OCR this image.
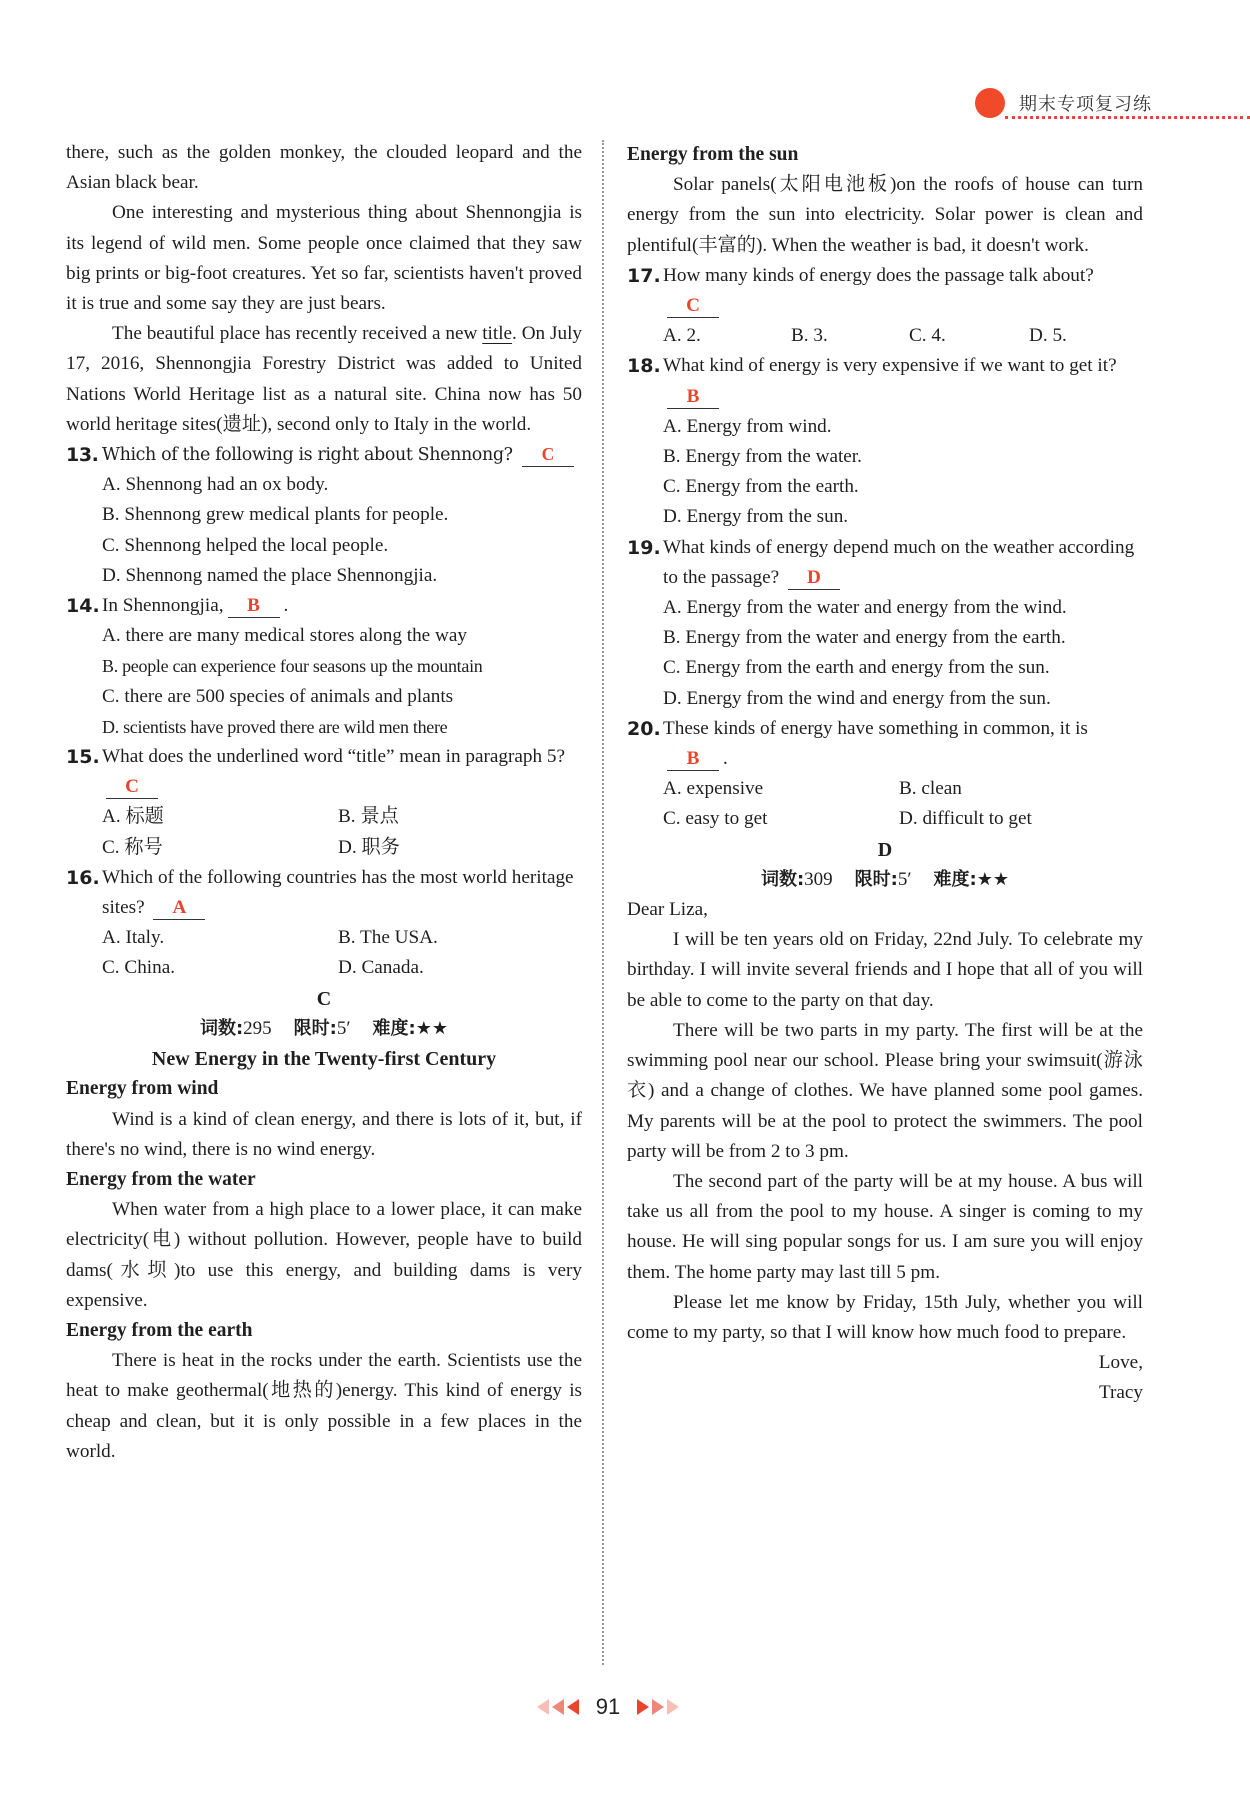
期末专项复习练

there, such as the golden monkey, the clouded leopard and the Asian black bear.

One interesting and mysterious thing about Shennongjia is its legend of wild men. Some people once claimed that they saw big prints or big-foot creatures. Yet so far, scientists haven't proved it is true and some say they are just bears.

The beautiful place has recently received a new title. On July 17, 2016, Shennongjia Forestry District was added to United Nations World Heritage list as a natural site. China now has 50 world heritage sites(遗址), second only to Italy in the world.

13. Which of the following is right about Shennong? C

A. Shennong had an ox body.

B. Shennong grew medical plants for people.

C. Shennong helped the local people.

D. Shennong named the place Shennongjia.

14. In Shennongjia, B .

A. there are many medical stores along the way

B. people can experience four seasons up the mountain

C. there are 500 species of animals and plants

D. scientists have proved there are wild men there

15. What does the underlined word “title” mean in paragraph 5? C
A. 标题	B. 景点
C. 称号	D. 职务
16. Which of the following countries has the most world heritage sites? A
A. Italy.	B. The USA.
C. China.	D. Canada.

C

词数:295 限时:5′ 难度:★★

New Energy in the Twenty-first Century

Energy from wind

Wind is a kind of clean energy, and there is lots of it, but, if there's no wind, there is no wind energy.

Energy from the water

When water from a high place to a lower place, it can make electricity(电) without pollution. However, people have to build dams(水坝)to use this energy, and building dams is very expensive.

Energy from the earth

There is heat in the rocks under the earth. Scientists use the heat to make geothermal(地热的)energy. This kind of energy is cheap and clean, but it is only possible in a few places in the world.

Energy from the sun

Solar panels(太阳电池板)on the roofs of house can turn energy from the sun into electricity. Solar power is clean and plentiful(丰富的). When the weather is bad, it doesn't work.

17. How many kinds of energy does the passage talk about? C
A. 2.	B. 3.	C. 4.	D. 5.
18. What kind of energy is very expensive if we want to get it? B

A. Energy from wind.

B. Energy from the water.

C. Energy from the earth.

D. Energy from the sun.

19. What kinds of energy depend much on the weather according to the passage? D

A. Energy from the water and energy from the wind.

B. Energy from the water and energy from the earth.

C. Energy from the earth and energy from the sun.

D. Energy from the wind and energy from the sun.

20. These kinds of energy have something in common, it isB .
A. expensive	B. clean
C. easy to get	D. difficult to get

D

词数:309 限时:5′ 难度:★★

Dear Liza,

I will be ten years old on Friday, 22nd July. To celebrate my birthday. I will invite several friends and I hope that all of you will be able to come to the party on that day.

There will be two parts in my party. The first will be at the swimming pool near our school. Please bring your swimsuit(游泳衣) and a change of clothes. We have planned some pool games. My parents will be at the pool to protect the swimmers. The pool party will be from 2 to 3 pm.

The second part of the party will be at my house. A bus will take us all from the pool to my house. A singer is coming to my house. He will sing popular songs for us. I am sure you will enjoy them. The home party may last till 5 pm.

Please let me know by Friday, 15th July, whether you will come to my party, so that I will know how much food to prepare.

Love,

Tracy

91
